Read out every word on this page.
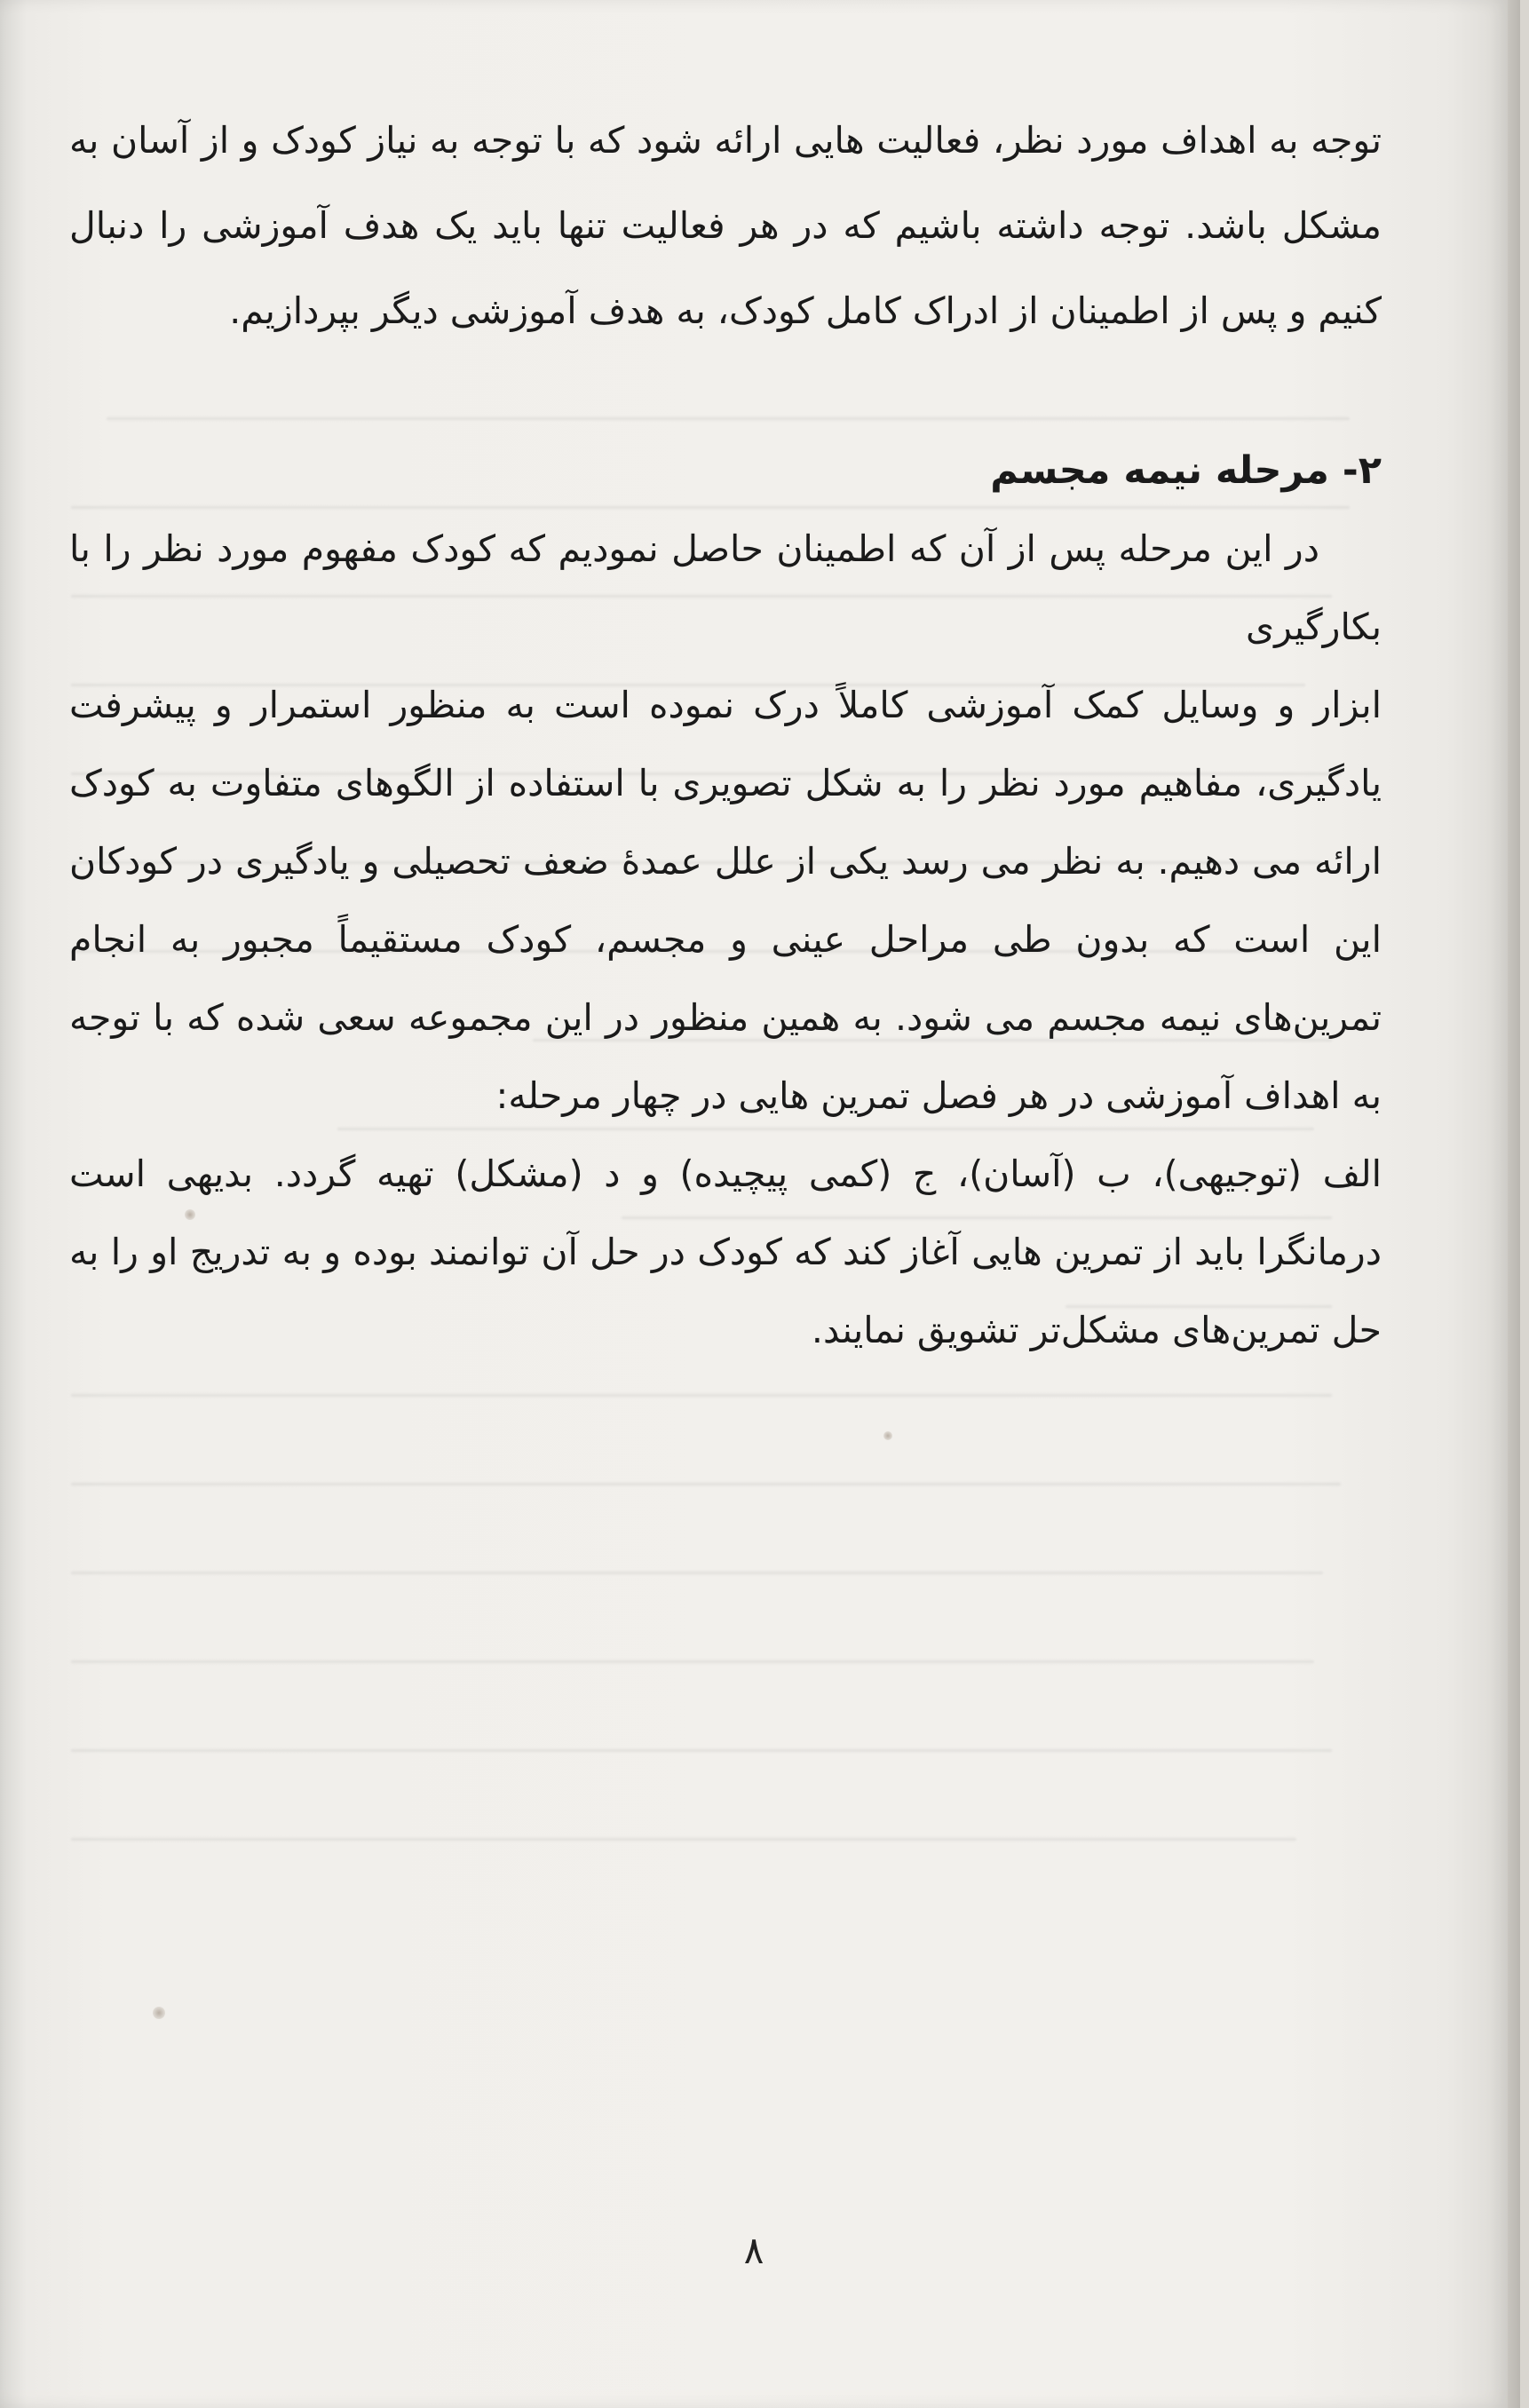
توجه به اهداف مورد نظر، فعالیت هایی ارائه شود که با توجه به نیاز کودک و از آسان به مشکل باشد. توجه داشته باشیم که در هر فعالیت تنها باید یک هدف آموزشی را دنبال کنیم و پس از اطمینان از ادراک کامل کودک، به هدف آموزشی دیگر بپردازیم.

۲- مرحله نیمه مجسم

در این مرحله پس از آن که اطمینان حاصل نمودیم که کودک مفهوم مورد نظر را با بکارگیری

ابزار و وسایل کمک آموزشی کاملاً درک نموده است به منظور استمرار و پیشرفت یادگیری، مفاهیم مورد نظر را به شکل تصویری با استفاده از الگوهای متفاوت به کودک ارائه می دهیم. به نظر می رسد یکی از علل عمدهٔ ضعف تحصیلی و یادگیری در کودکان این است که بدون طی مراحل عینی و مجسم، کودک مستقیماً مجبور به انجام تمرین‌های نیمه مجسم می شود. به همین منظور در این مجموعه سعی شده که با توجه به اهداف آموزشی در هر فصل تمرین هایی در چهار مرحله:

الف (توجیهی)، ب (آسان)، ج (کمی پیچیده) و د (مشکل) تهیه گردد. بدیهی است درمانگرا باید از تمرین هایی آغاز کند که کودک در حل آن توانمند بوده و به تدریج او را به حل تمرین‌های مشکل‌تر تشویق نمایند.

۸
